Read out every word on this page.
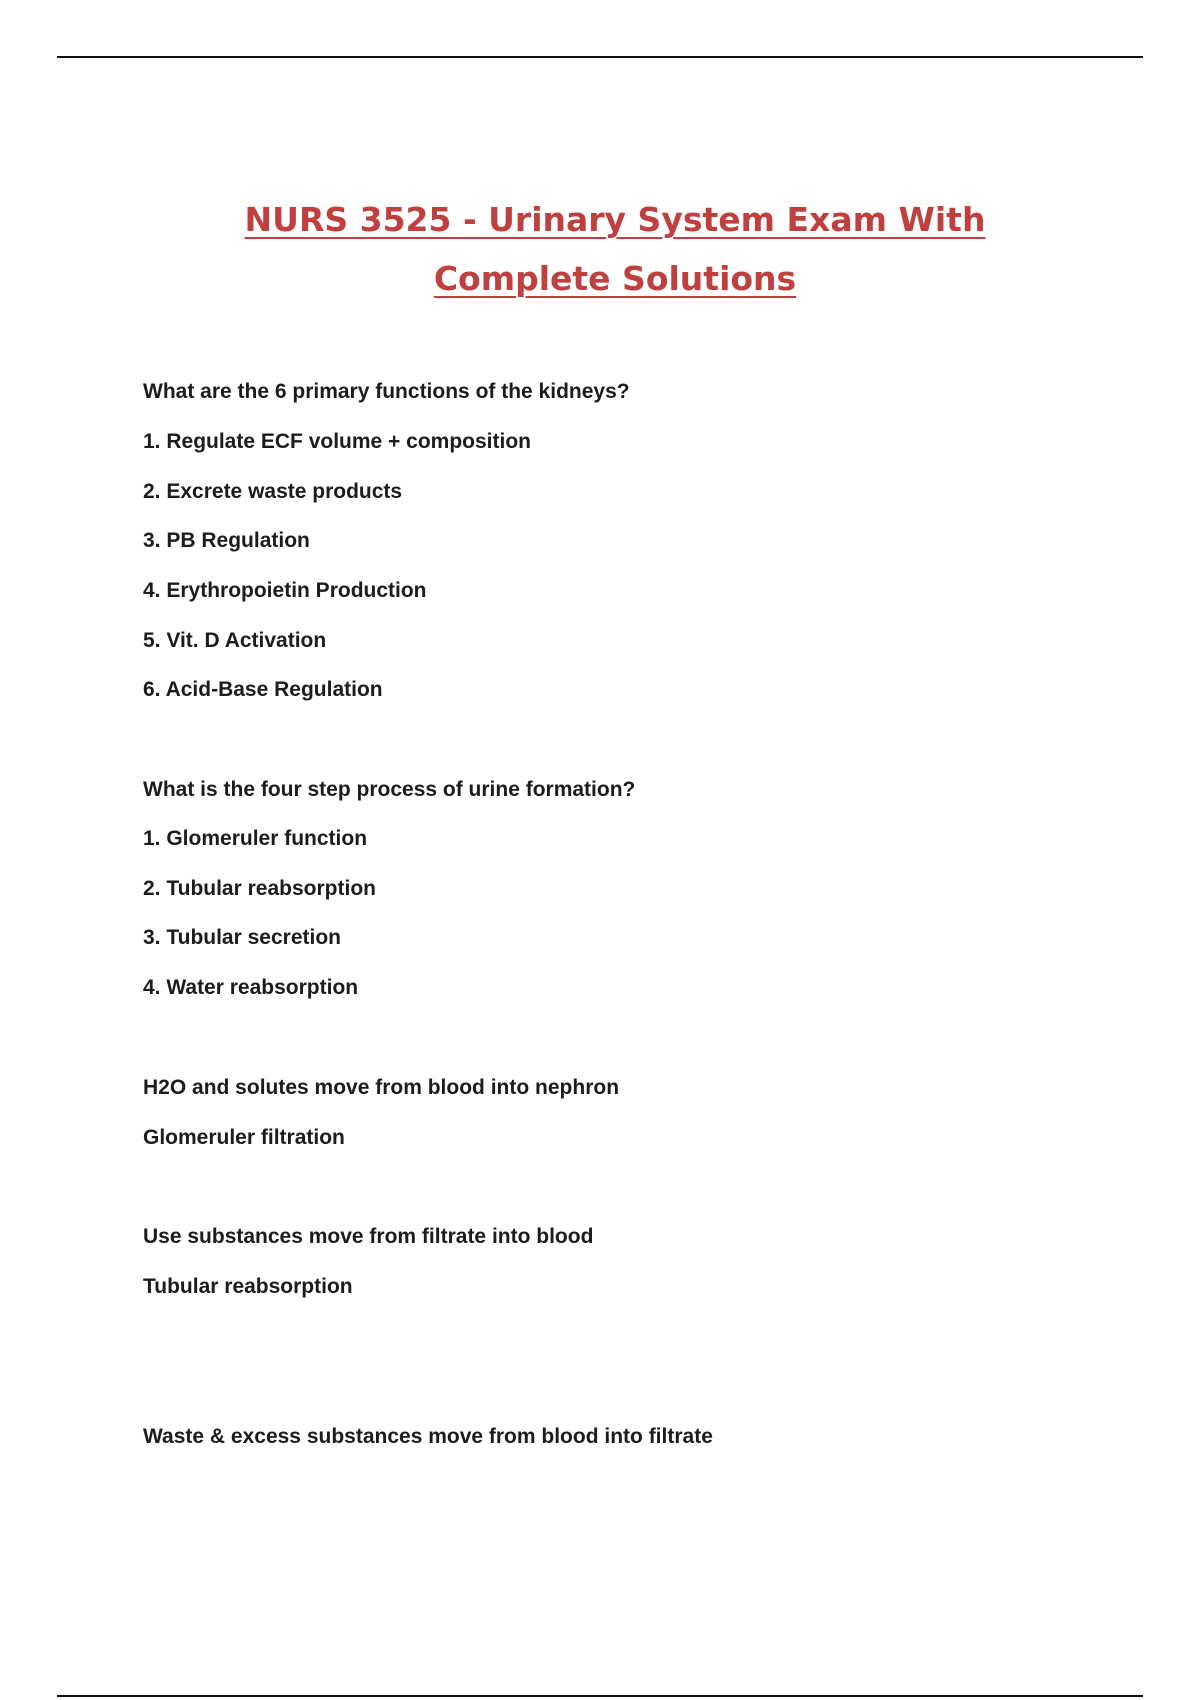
NURS 3525 - Urinary System Exam With
Complete Solutions
What are the 6 primary functions of the kidneys?
1. Regulate ECF volume + composition
2. Excrete waste products
3. PB Regulation
4. Erythropoietin Production
5. Vit. D Activation
6. Acid-Base Regulation
What is the four step process of urine formation?
1. Glomeruler function
2. Tubular reabsorption
3. Tubular secretion
4. Water reabsorption
H2O and solutes move from blood into nephron
Glomeruler filtration
Use substances move from filtrate into blood
Tubular reabsorption
Waste & excess substances move from blood into filtrate
